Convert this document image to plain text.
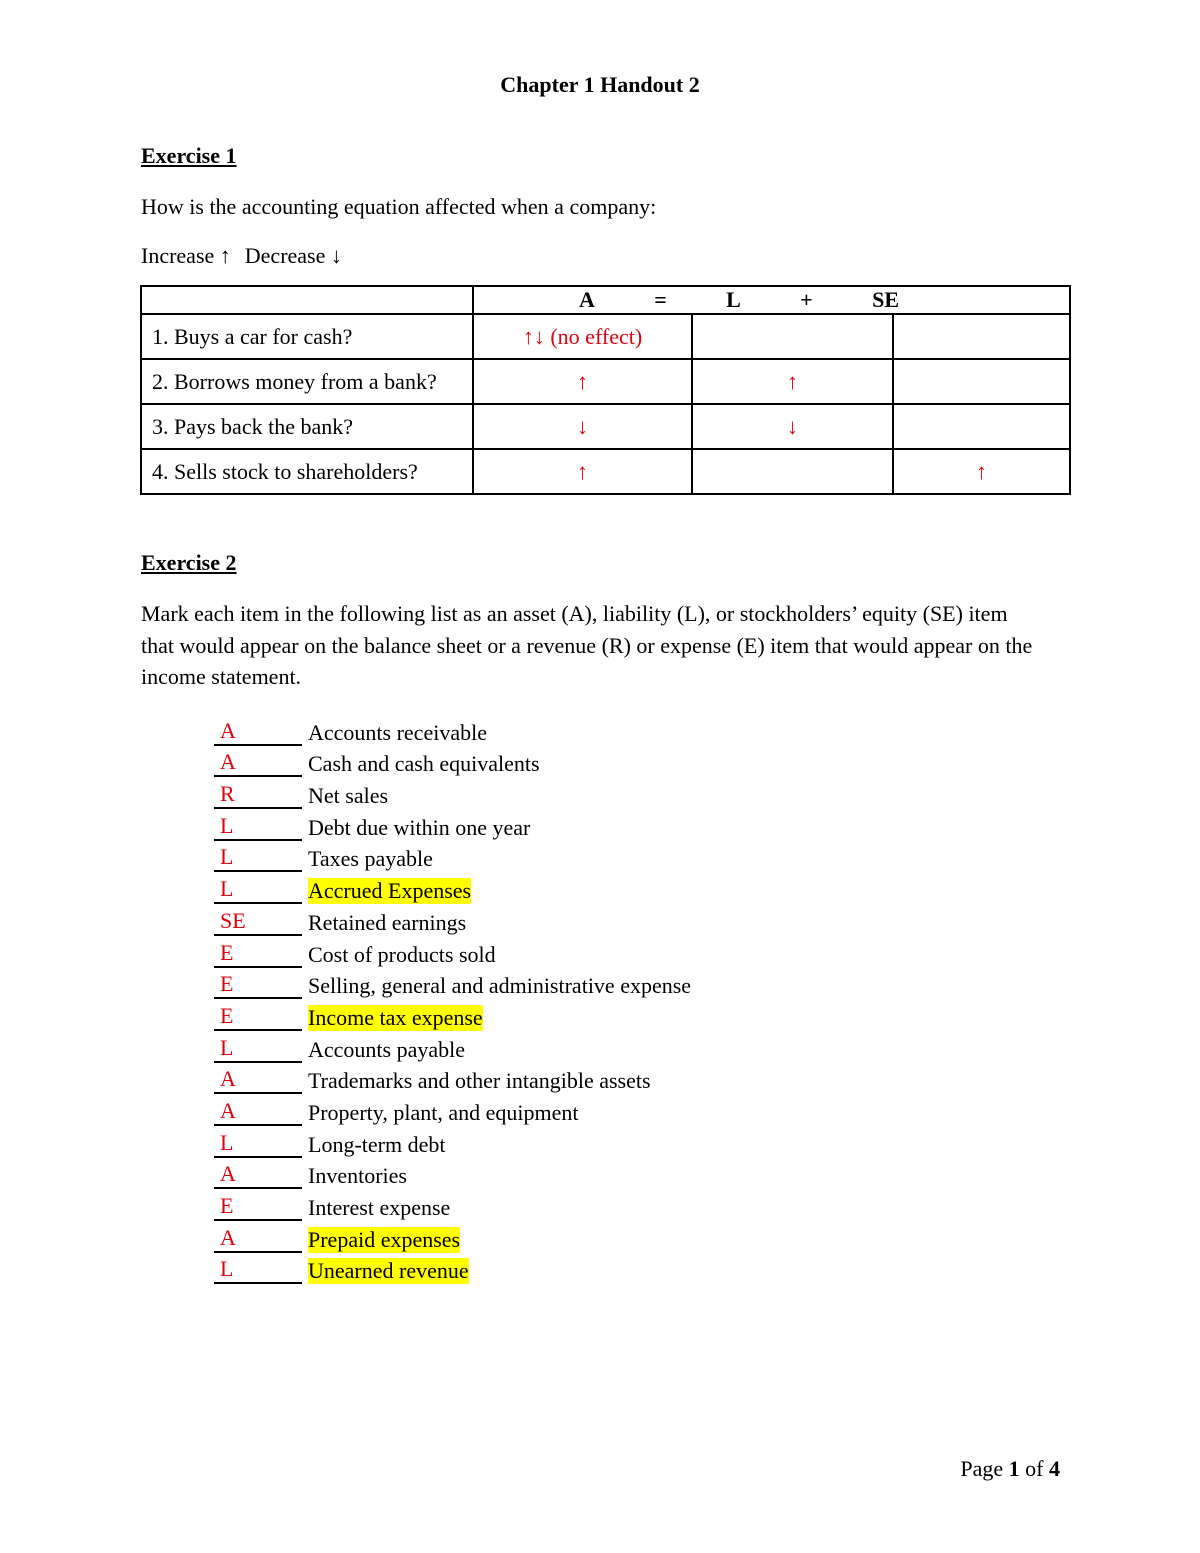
Chapter 1 Handout 2
Exercise 1
How is the accounting equation affected when a company:
Increase ↑ Decrease ↓

	A = L + SE		

1. Buys a car for cash?	↑↓ (no effect)		
2. Borrows money from a bank?	↑	↑	
3. Pays back the bank?	↓	↓	
4. Sells stock to shareholders?	↑		↑
Exercise 2
Mark each item in the following list as an asset (A), liability (L), or stockholders’ equity (SE) item that would appear on the balance sheet or a revenue (R) or expense (E) item that would appear on the income statement.
A	Accounts receivable
A	Cash and cash equivalents
R	Net sales
L	Debt due within one year
L	Taxes payable
L	Accrued Expenses
SE	Retained earnings
E	Cost of products sold
E	Selling, general and administrative expense
E	Income tax expense
L	Accounts payable
A	Trademarks and other intangible assets
A	Property, plant, and equipment
L	Long-term debt
A	Inventories
E	Interest expense
A	Prepaid expenses
L	Unearned revenue
Page 1 of 4
